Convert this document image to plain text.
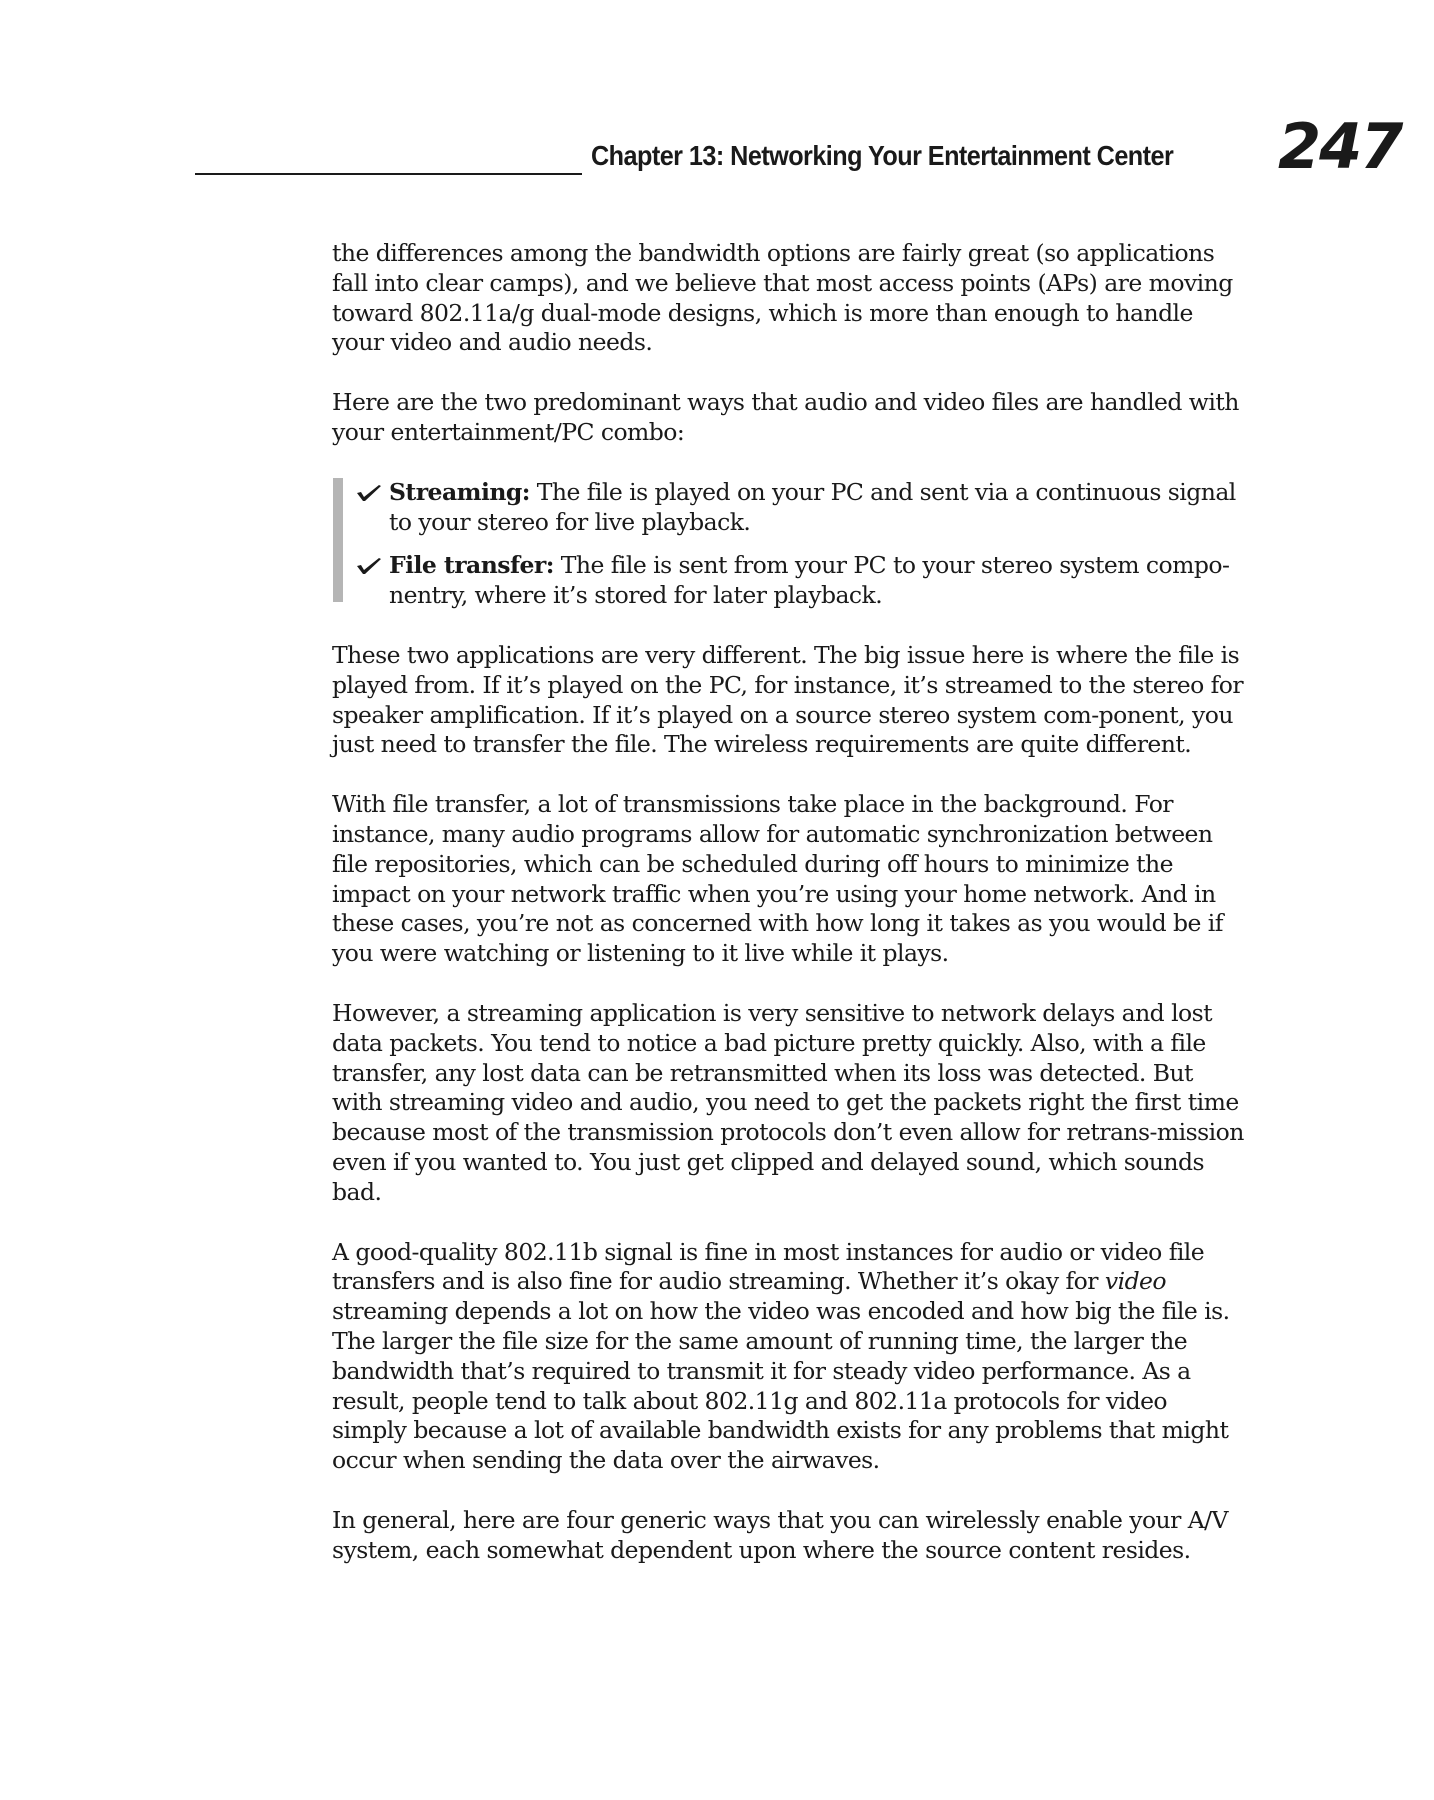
Chapter 13: Networking Your Entertainment Center 247

the differences among the bandwidth options are fairly great (so applications fall into clear camps), and we believe that most access points (APs) are moving toward 802.11a/g dual-mode designs, which is more than enough to handle your video and audio needs.

Here are the two predominant ways that audio and video files are handled with your entertainment/PC combo:

Streaming: The file is played on your PC and sent via a continuous signal to your stereo for live playback.
File transfer: The file is sent from your PC to your stereo system compo-nentry, where it’s stored for later playback.

These two applications are very different. The big issue here is where the file is played from. If it’s played on the PC, for instance, it’s streamed to the stereo for speaker amplification. If it’s played on a source stereo system com-ponent, you just need to transfer the file. The wireless requirements are quite different.

With file transfer, a lot of transmissions take place in the background. For instance, many audio programs allow for automatic synchronization between file repositories, which can be scheduled during off hours to minimize the impact on your network traffic when you’re using your home network. And in these cases, you’re not as concerned with how long it takes as you would be if you were watching or listening to it live while it plays.

However, a streaming application is very sensitive to network delays and lost data packets. You tend to notice a bad picture pretty quickly. Also, with a file transfer, any lost data can be retransmitted when its loss was detected. But with streaming video and audio, you need to get the packets right the first time because most of the transmission protocols don’t even allow for retrans-mission even if you wanted to. You just get clipped and delayed sound, which sounds bad.

A good-quality 802.11b signal is fine in most instances for audio or video file transfers and is also fine for audio streaming. Whether it’s okay for video streaming depends a lot on how the video was encoded and how big the file is. The larger the file size for the same amount of running time, the larger the bandwidth that’s required to transmit it for steady video performance. As a result, people tend to talk about 802.11g and 802.11a protocols for video simply because a lot of available bandwidth exists for any problems that might occur when sending the data over the airwaves.

In general, here are four generic ways that you can wirelessly enable your A/V system, each somewhat dependent upon where the source content resides.
